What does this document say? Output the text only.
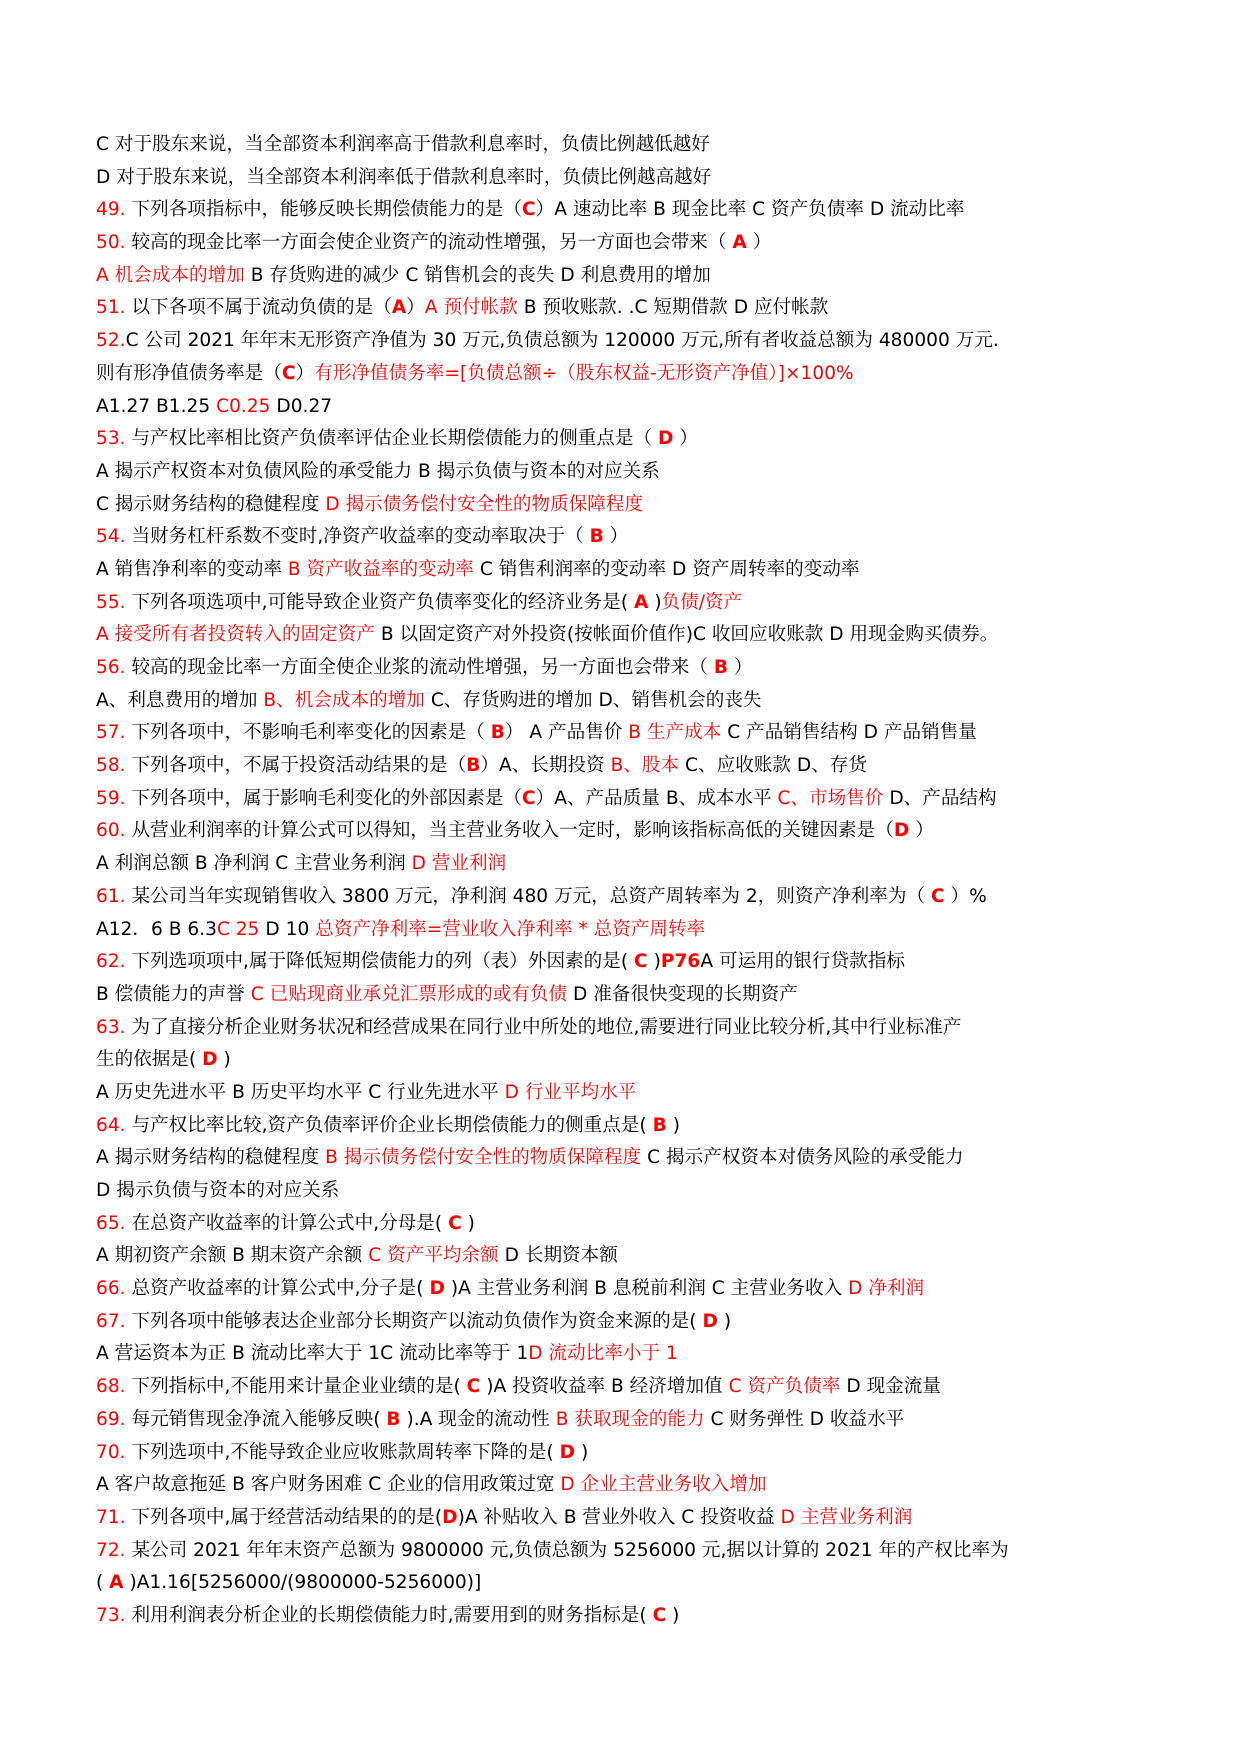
C 对于股东来说，当全部资本利润率高于借款利息率时，负债比例越低越好
D 对于股东来说，当全部资本利润率低于借款利息率时，负债比例越高越好
49. 下列各项指标中，能够反映长期偿债能力的是（C）A 速动比率 B 现金比率 C 资产负债率 D 流动比率
50. 较高的现金比率一方面会使企业资产的流动性增强，另一方面也会带来（ A ）
A 机会成本的增加 B 存货购进的减少 C 销售机会的丧失 D 利息费用的增加
51. 以下各项不属于流动负债的是（A）A 预付帐款 B 预收账款. .C 短期借款 D 应付帐款
52.C 公司 2021 年年末无形资产净值为 30 万元,负债总额为 120000 万元,所有者收益总额为 480000 万元.
则有形净值债务率是（C）有形净值债务率=[负债总额÷（股东权益-无形资产净值）]×100%
A1.27 B1.25 C0.25 D0.27
53. 与产权比率相比资产负债率评估企业长期偿债能力的侧重点是（ D ）
A 揭示产权资本对负债风险的承受能力 B 揭示负债与资本的对应关系
C 揭示财务结构的稳健程度 D 揭示债务偿付安全性的物质保障程度
54. 当财务杠杆系数不变时,净资产收益率的变动率取决于（ B ）
A 销售净利率的变动率 B 资产收益率的变动率 C 销售利润率的变动率 D 资产周转率的变动率
55. 下列各项选项中,可能导致企业资产负债率变化的经济业务是( A )负债/资产
A 接受所有者投资转入的固定资产 B 以固定资产对外投资(按帐面价值作)C 收回应收账款 D 用现金购买债券。
56. 较高的现金比率一方面全使企业浆的流动性增强，另一方面也会带来（ B ）
A、利息费用的增加 B、机会成本的增加 C、存货购进的增加 D、销售机会的丧失
57. 下列各项中，不影响毛利率变化的因素是（ B） A 产品售价 B 生产成本 C 产品销售结构 D 产品销售量
58. 下列各项中，不属于投资活动结果的是（B）A、长期投资 B、股本 C、应收账款 D、存货
59. 下列各项中，属于影响毛利变化的外部因素是（C）A、产品质量 B、成本水平 C、市场售价 D、产品结构
60. 从营业利润率的计算公式可以得知，当主营业务收入一定时，影响该指标高低的关键因素是（D ）
A 利润总额 B 净利润 C 主营业务利润 D 营业利润
61. 某公司当年实现销售收入 3800 万元，净利润 480 万元，总资产周转率为 2，则资产净利率为（ C ）%
A12．6 B 6.3C 25 D 10 总资产净利率=营业收入净利率 * 总资产周转率
62. 下列选项项中,属于降低短期偿债能力的列（表）外因素的是( C )P76A 可运用的银行贷款指标
B 偿债能力的声誉 C 已贴现商业承兑汇票形成的或有负债 D 准备很快变现的长期资产
63. 为了直接分析企业财务状况和经营成果在同行业中所处的地位,需要进行同业比较分析,其中行业标准产
生的依据是( D )
A 历史先进水平 B 历史平均水平 C 行业先进水平 D 行业平均水平
64. 与产权比率比较,资产负债率评价企业长期偿债能力的侧重点是( B )
A 揭示财务结构的稳健程度 B 揭示债务偿付安全性的物质保障程度 C 揭示产权资本对债务风险的承受能力
D 揭示负债与资本的对应关系
65. 在总资产收益率的计算公式中,分母是( C )
A 期初资产余额 B 期末资产余额 C 资产平均余额 D 长期资本额
66. 总资产收益率的计算公式中,分子是( D )A 主营业务利润 B 息税前利润 C 主营业务收入 D 净利润
67. 下列各项中能够表达企业部分长期资产以流动负债作为资金来源的是( D )
A 营运资本为正 B 流动比率大于 1C 流动比率等于 1D 流动比率小于 1
68. 下列指标中,不能用来计量企业业绩的是( C )A 投资收益率 B 经济增加值 C 资产负债率 D 现金流量
69. 每元销售现金净流入能够反映( B ).A 现金的流动性 B 获取现金的能力 C 财务弹性 D 收益水平
70. 下列选项中,不能导致企业应收账款周转率下降的是( D )
A 客户故意拖延 B 客户财务困难 C 企业的信用政策过宽 D 企业主营业务收入增加
71. 下列各项中,属于经营活动结果的的是(D)A 补贴收入 B 营业外收入 C 投资收益 D 主营业务利润
72. 某公司 2021 年年末资产总额为 9800000 元,负债总额为 5256000 元,据以计算的 2021 年的产权比率为
( A )A1.16[5256000/(9800000-5256000)]
73. 利用利润表分析企业的长期偿债能力时,需要用到的财务指标是( C )
